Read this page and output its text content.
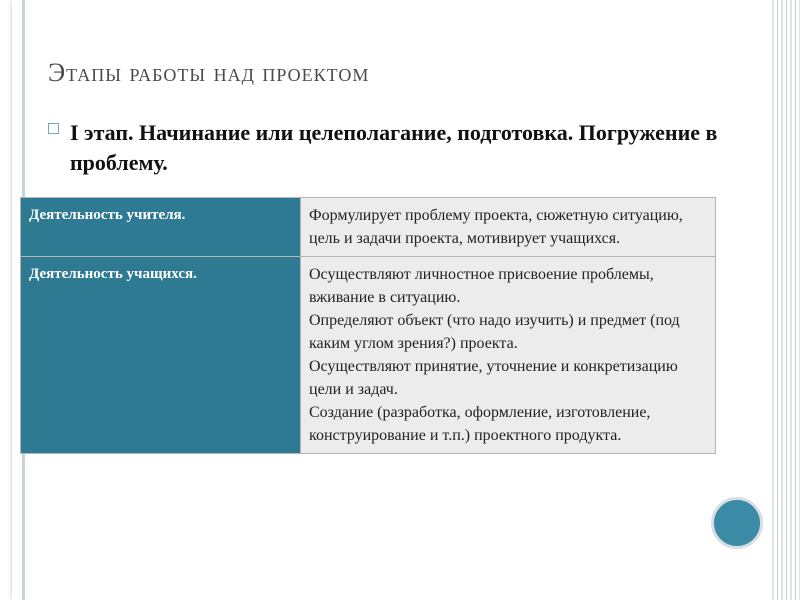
Этапы работы над проектом
I этап. Начинание или целеполагание, подготовка. Погружение в проблему.
Деятельность учителя.	Формулирует проблему проекта, сюжетную ситуацию, цель и задачи проекта, мотивирует учащихся.

Деятельность учащихся.	Осуществляют личностное присвоение проблемы, вживание в ситуацию.
Определяют объект (что надо изучить) и предмет (под каким углом зрения?) проекта.
Осуществляют принятие, уточнение и конкретизацию цели и задач.
Создание (разработка, оформление, изготовление, конструирование и т.п.) проектного продукта.
